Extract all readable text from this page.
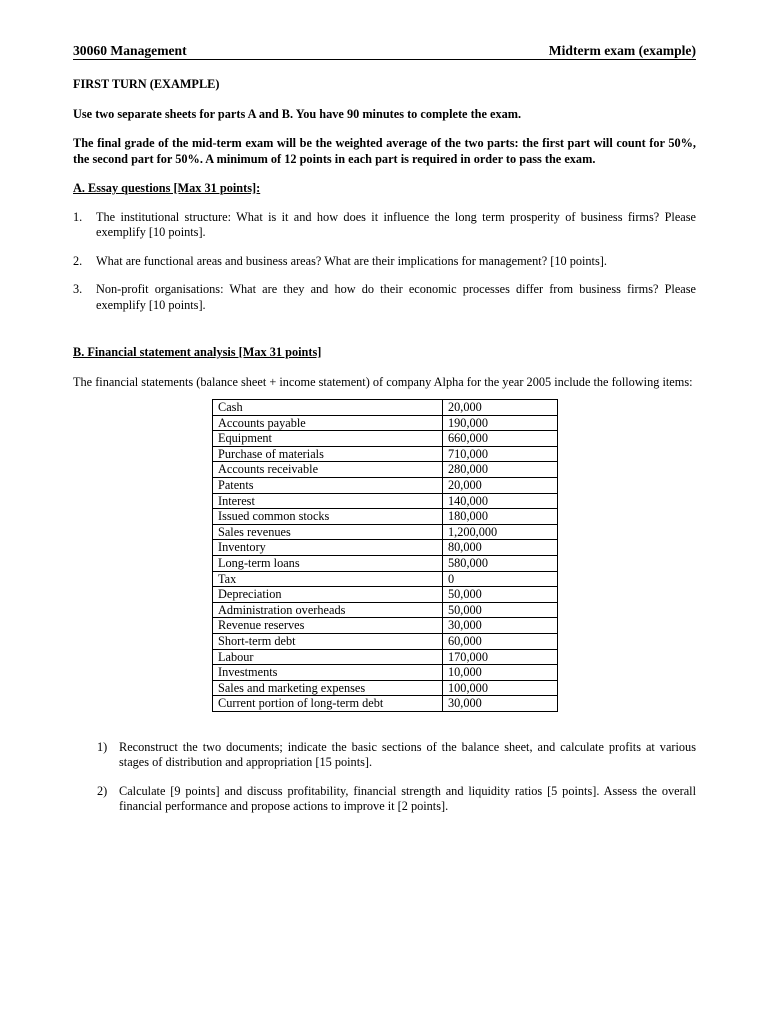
30060 Management	Midterm exam (example)
FIRST TURN (EXAMPLE)
Use two separate sheets for parts A and B. You have 90 minutes to complete the exam.
The final grade of the mid-term exam will be the weighted average of the two parts: the first part will count for 50%, the second part for 50%. A minimum of 12 points in each part is required in order to pass the exam.
A. Essay questions [Max 31 points]:
1.	The institutional structure: What is it and how does it influence the long term prosperity of business firms? Please exemplify [10 points].
2.	What are functional areas and business areas? What are their implications for management? [10 points].
3.	Non-profit organisations: What are they and how do their economic processes differ from business firms? Please exemplify [10 points].
B. Financial statement analysis [Max 31 points]
The financial statements (balance sheet + income statement) of company Alpha for the year 2005 include the following items:
Cash	20,000
Accounts payable	190,000
Equipment	660,000
Purchase of materials	710,000
Accounts receivable	280,000
Patents	20,000
Interest	140,000
Issued common stocks	180,000
Sales revenues	1,200,000
Inventory	80,000
Long-term loans	580,000
Tax	0
Depreciation	50,000
Administration overheads	50,000
Revenue reserves	30,000
Short-term debt	60,000
Labour	170,000
Investments	10,000
Sales and marketing expenses	100,000
Current portion of long-term debt	30,000
1) Reconstruct the two documents; indicate the basic sections of the balance sheet, and calculate profits at various stages of distribution and appropriation [15 points].
2) Calculate [9 points] and discuss profitability, financial strength and liquidity ratios [5 points]. Assess the overall financial performance and propose actions to improve it [2 points].
